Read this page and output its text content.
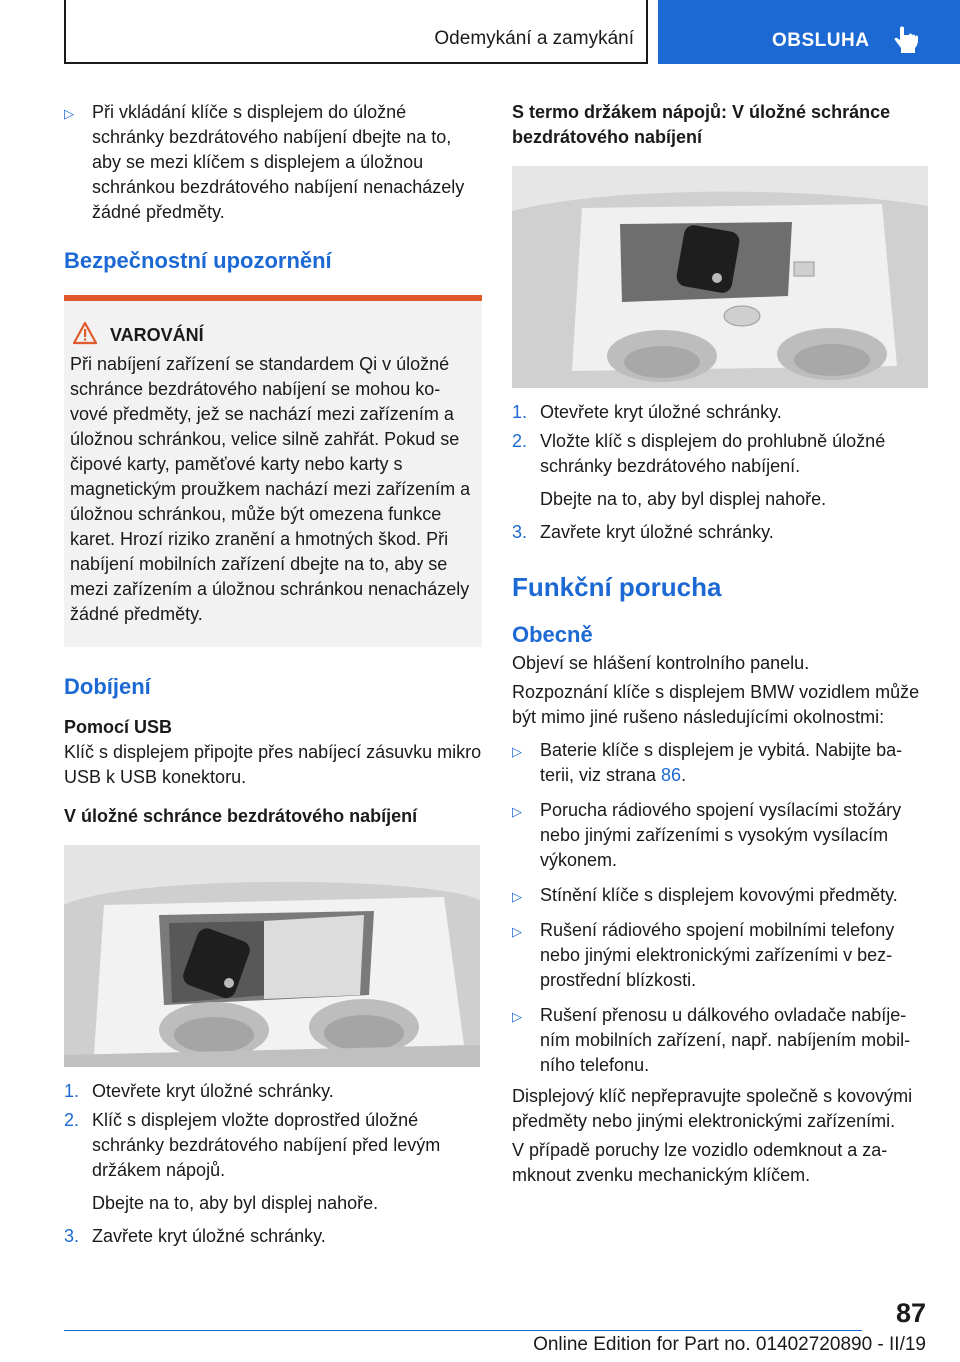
Odemykání a zamykání	OBSLUHA
▷ Při vkládání klíče s displejem do úložné schránky bezdrátového nabíjení dbejte na to, aby se mezi klíčem s displejem a úložnou schránkou bezdrátového nabíjení nenacházely žádné předměty.
Bezpečnostní upozornění
VAROVÁNÍ

Při nabíjení zařízení se standardem Qi v úložné schránce bezdrátového nabíjení se mohou kovové předměty, jež se nachází mezi zařízením a úložnou schránkou, velice silně zahřát. Pokud se čipové karty, paměťové karty nebo karty s magnetickým proužkem nachází mezi zařízením a úložnou schránkou, může být omezena funkce karet. Hrozí riziko zranění a hmotných škod. Při nabíjení mobilních zařízení dbejte na to, aby se mezi zařízením a úložnou schránkou nenacházely žádné předměty.

Dobíjení
Pomocí USB

Klíč s displejem připojte přes nabíjecí zásuvku mikro USB k USB konektoru.

V úložné schránce bezdrátového nabíjení
1. Otevřete kryt úložné schránky.
2. Klíč s displejem vložte doprostřed úložné schránky bezdrátového nabíjení před levým držákem nápojů.
Dbejte na to, aby byl displej nahoře.
3. Zavřete kryt úložné schránky.
S termo držákem nápojů: V úložné schránce bezdrátového nabíjení
1. Otevřete kryt úložné schránky.
2. Vložte klíč s displejem do prohlubně úložné schránky bezdrátového nabíjení.
Dbejte na to, aby byl displej nahoře.
3. Zavřete kryt úložné schránky.
Funkční porucha
Obecně

Objeví se hlášení kontrolního panelu.

Rozpoznání klíče s displejem BMW vozidlem může být mimo jiné rušeno následujícími okolnostmi:

▷ Baterie klíče s displejem je vybitá. Nabijte baterii, viz strana 86.
▷ Porucha rádiového spojení vysílacími stožáry nebo jinými zařízeními s vysokým vysílacím výkonem.
▷ Stínění klíče s displejem kovovými předměty.
▷ Rušení rádiového spojení mobilními telefony nebo jinými elektronickými zařízeními v bezprostřední blízkosti.
▷ Rušení přenosu u dálkového ovladače nabíjením mobilních zařízení, např. nabíjením mobilního telefonu.

Displejový klíč nepřepravujte společně s kovovými předměty nebo jinými elektronickými zařízeními.

V případě poruchy lze vozidlo odemknout a zamknout zvenku mechanickým klíčem.

87
Online Edition for Part no. 01402720890 - II/19
